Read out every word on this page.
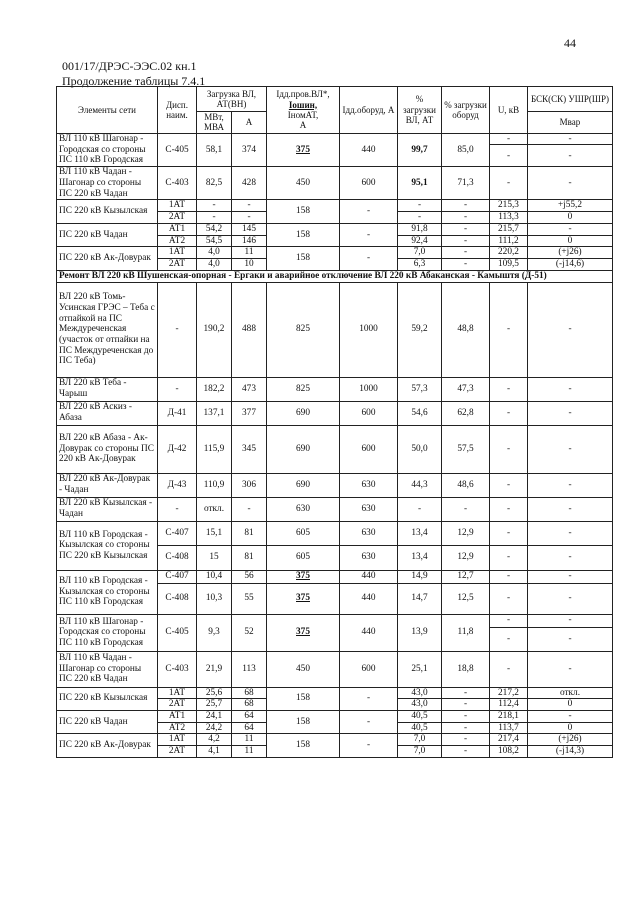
44
001/17/ДРЭС-ЭЭС.02 кн.1
Продолжение таблицы 7.4.1
Элементы сети	Дисп. наим.	Загрузка ВЛ, АТ(ВН)		Iдд.пров.ВЛ*,
Iошин,
IномАТ,
А	Iдд.оборуд, А	% загрузки ВЛ, АТ	% загрузки оборуд	U, кВ	БСК(СК) УШР(ШР)
		МВт, МВА	А						Мвар
ВЛ 110 кВ Шагонар - Городская со стороны ПС 110 кВ Городская	С-405	58,1	374	375	440	99,7	85,0	-	-
								-	-
ВЛ 110 кВ Чадан - Шагонар со стороны ПС 220 кВ Чадан	С-403	82,5	428	450	600	95,1	71,3	-	-
ПС 220 кВ Кызылская	1АТ	-	-	158	-	-	-	215,3	+j55,2
	2АТ	-	-			-	-	113,3	0
ПС 220 кВ Чадан	АТ1	54,2	145	158	-	91,8	-	215,7	-
	АТ2	54,5	146			92,4	-	111,2	0
ПС 220 кВ Ак-Довурак	1АТ	4,0	11	158	-	7,0	-	220,2	(+j26)
	2АТ	4,0	10			6,3	-	109,5	(-j14,6)
Ремонт ВЛ 220 кВ Шушенская-опорная - Ергаки и аварийное отключение ВЛ 220 кВ Абаканская - Камыштя (Д-51)									
ВЛ 220 кВ Томь-Усинская ГРЭС – Теба с отпайкой на ПС Междуреченская (участок от отпайки на ПС Междуреченская до ПС Теба)	-	190,2	488	825	1000	59,2	48,8	-	-
ВЛ 220 кВ Теба - Чарыш	-	182,2	473	825	1000	57,3	47,3	-	-
ВЛ 220 кВ Аскиз - Абаза	Д-41	137,1	377	690	600	54,6	62,8	-	-
ВЛ 220 кВ Абаза - Ак-Довурак со стороны ПС 220 кВ Ак-Довурак	Д-42	115,9	345	690	600	50,0	57,5	-	-
ВЛ 220 кВ Ак-Довурак - Чадан	Д-43	110,9	306	690	630	44,3	48,6	-	-
ВЛ 220 кВ Кызылская - Чадан	-	откл.	-	630	630	-	-	-	-
ВЛ 110 кВ Городская - Кызылская со стороны ПС 220 кВ Кызылская	С-407	15,1	81	605	630	13,4	12,9	-	-
	С-408	15	81	605	630	13,4	12,9	-	-
ВЛ 110 кВ Городская - Кызылская со стороны ПС 110 кВ Городская	С-407	10,4	56	375	440	14,9	12,7	-	-
	С-408	10,3	55	375	440	14,7	12,5	-	-
ВЛ 110 кВ Шагонар - Городская со стороны ПС 110 кВ Городская	С-405	9,3	52	375	440	13,9	11,8	-	-
								-	-
ВЛ 110 кВ Чадан - Шагонар со стороны ПС 220 кВ Чадан	С-403	21,9	113	450	600	25,1	18,8	-	-
ПС 220 кВ Кызылская	1АТ	25,6	68	158	-	43,0	-	217,2	откл.
	2АТ	25,7	68			43,0	-	112,4	0
ПС 220 кВ Чадан	АТ1	24,1	64	158	-	40,5	-	218,1	-
	АТ2	24,2	64			40,5	-	113,7	0
ПС 220 кВ Ак-Довурак	1АТ	4,2	11	158	-	7,0	-	217,4	(+j26)
	2АТ	4,1	11			7,0	-	108,2	(-j14,3)
